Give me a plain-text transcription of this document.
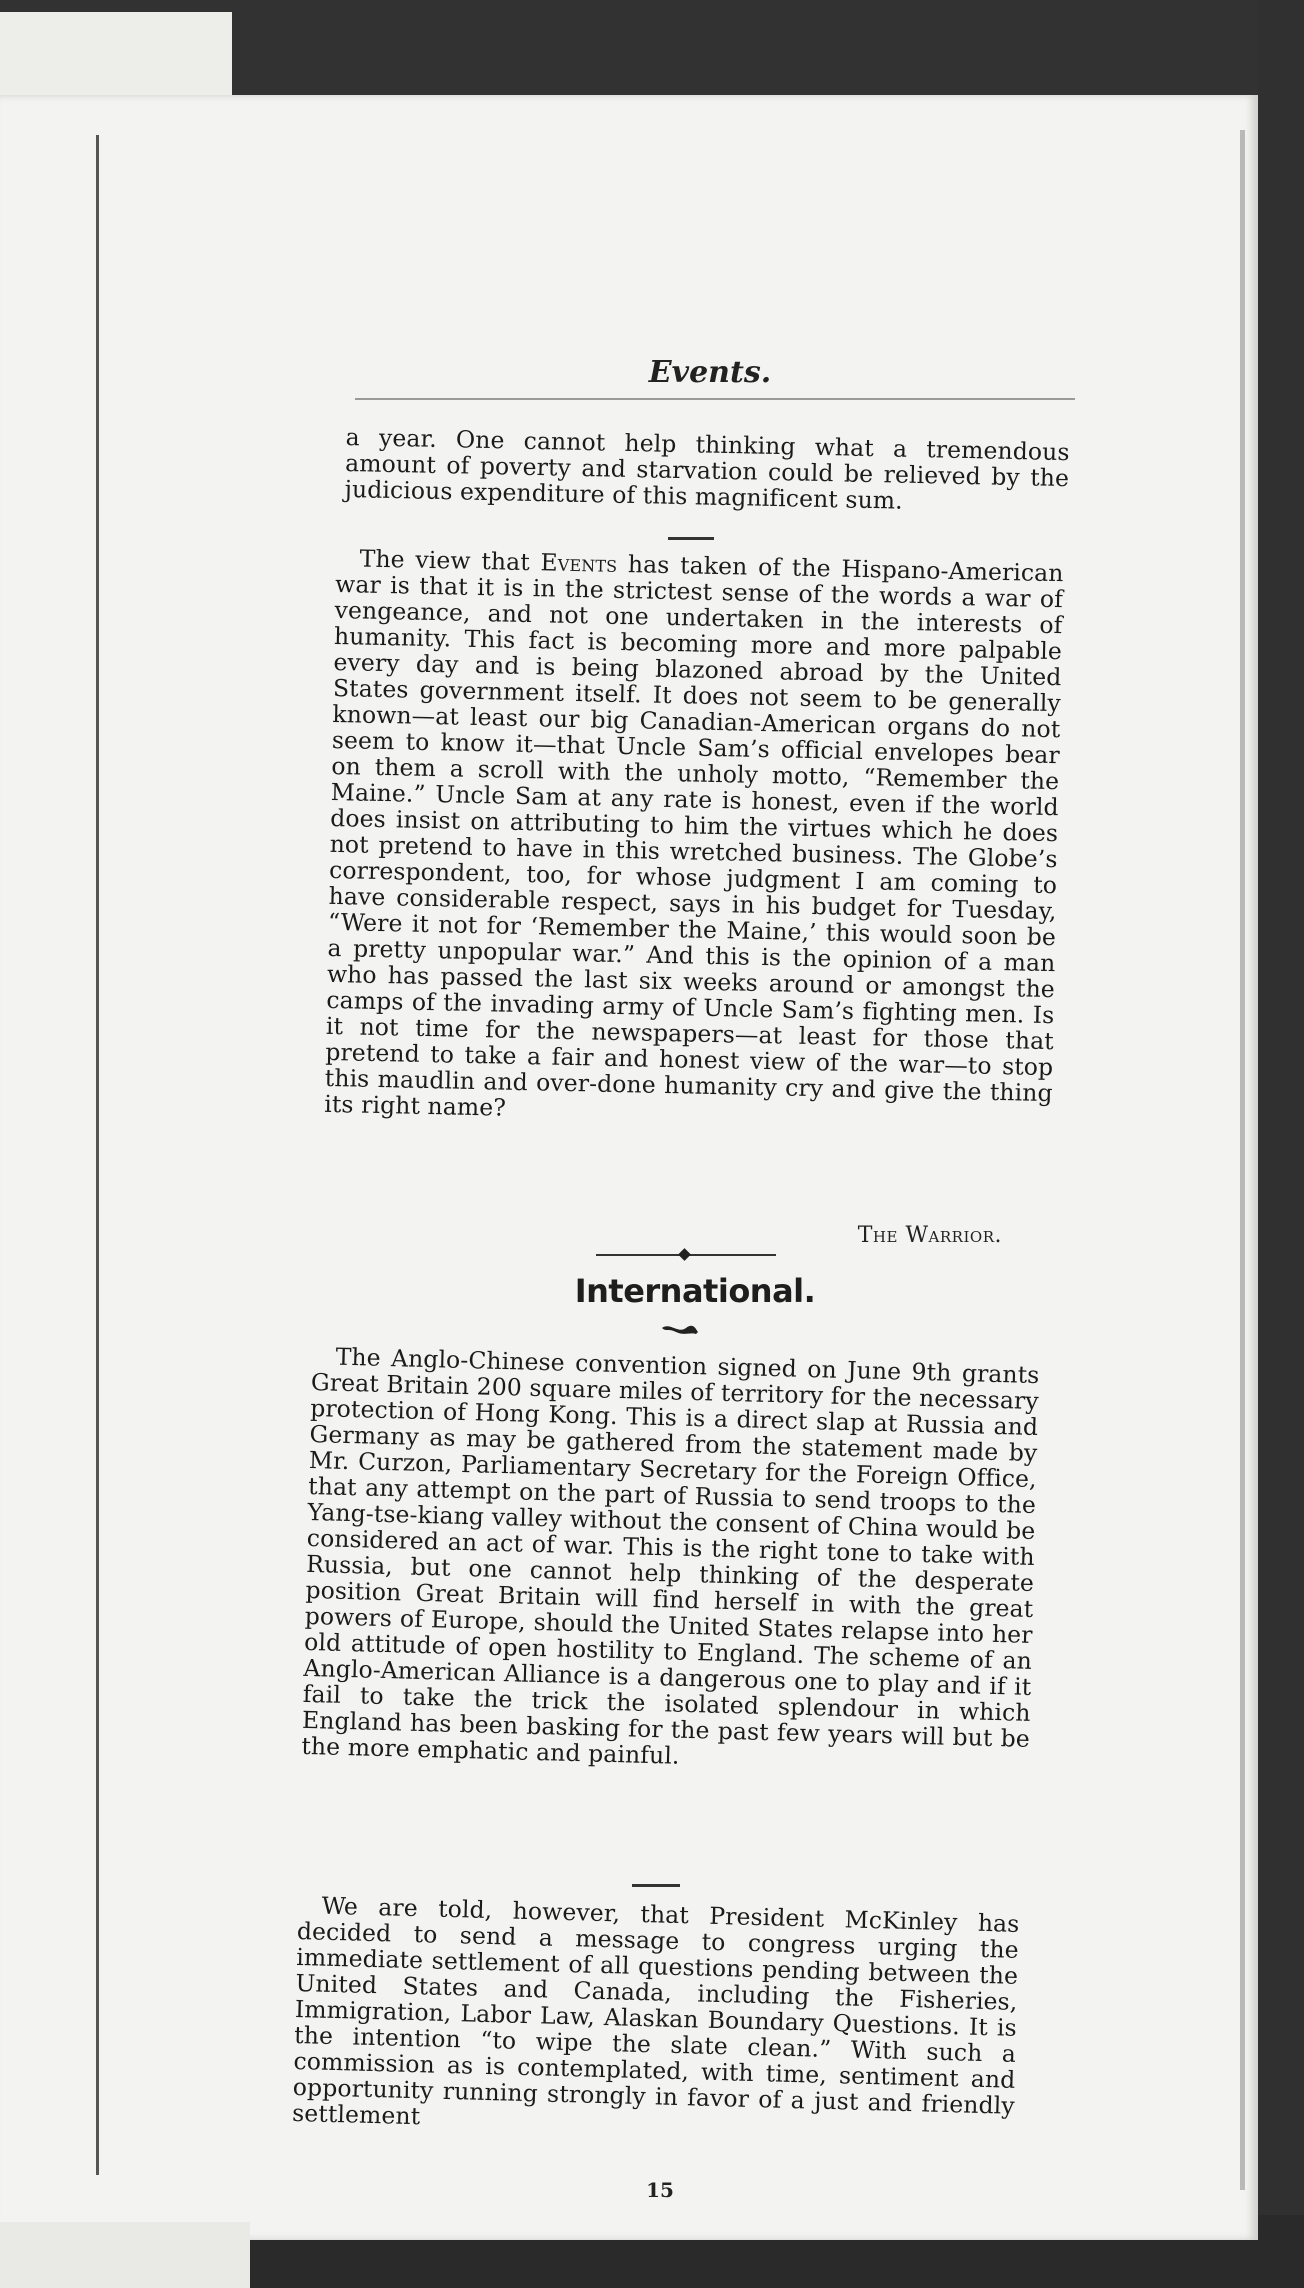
Events.
a year. One cannot help thinking what a tremendous amount of poverty and starvation could be relieved by the judicious expenditure of this magnificent sum.
The view that Events has taken of the Hispano-American war is that it is in the strictest sense of the words a war of vengeance, and not one undertaken in the interests of humanity. This fact is becoming more and more palpable every day and is being blazoned abroad by the United States government itself. It does not seem to be generally known—at least our big Canadian-American organs do not seem to know it—that Uncle Sam’s official envelopes bear on them a scroll with the unholy motto, “Remember the Maine.” Uncle Sam at any rate is honest, even if the world does insist on attributing to him the virtues which he does not pretend to have in this wretched business. The Globe’s correspondent, too, for whose judgment I am coming to have considerable respect, says in his budget for Tuesday, “Were it not for ‘Remember the Maine,’ this would soon be a pretty unpopular war.” And this is the opinion of a man who has passed the last six weeks around or amongst the camps of the invading army of Uncle Sam’s fighting men. Is it not time for the newspapers—at least for those that pretend to take a fair and honest view of the war—to stop this maudlin and over-done humanity cry and give the thing its right name?
The Warrior.
International.
The Anglo-Chinese convention signed on June 9th grants Great Britain 200 square miles of territory for the necessary protection of Hong Kong. This is a direct slap at Russia and Germany as may be gathered from the statement made by Mr. Curzon, Parliamentary Secretary for the Foreign Office, that any attempt on the part of Russia to send troops to the Yang-tse-kiang valley without the consent of China would be considered an act of war. This is the right tone to take with Russia, but one cannot help thinking of the desperate position Great Britain will find herself in with the great powers of Europe, should the United States relapse into her old attitude of open hostility to England. The scheme of an Anglo-American Alliance is a dangerous one to play and if it fail to take the trick the isolated splendour in which England has been basking for the past few years will but be the more emphatic and painful.
We are told, however, that President McKinley has decided to send a message to congress urging the immediate settlement of all questions pending between the United States and Canada, including the Fisheries, Immigration, Labor Law, Alaskan Boundary Questions. It is the intention “to wipe the slate clean.” With such a commission as is contemplated, with time, sentiment and opportunity running strongly in favor of a just and friendly settlement
15
